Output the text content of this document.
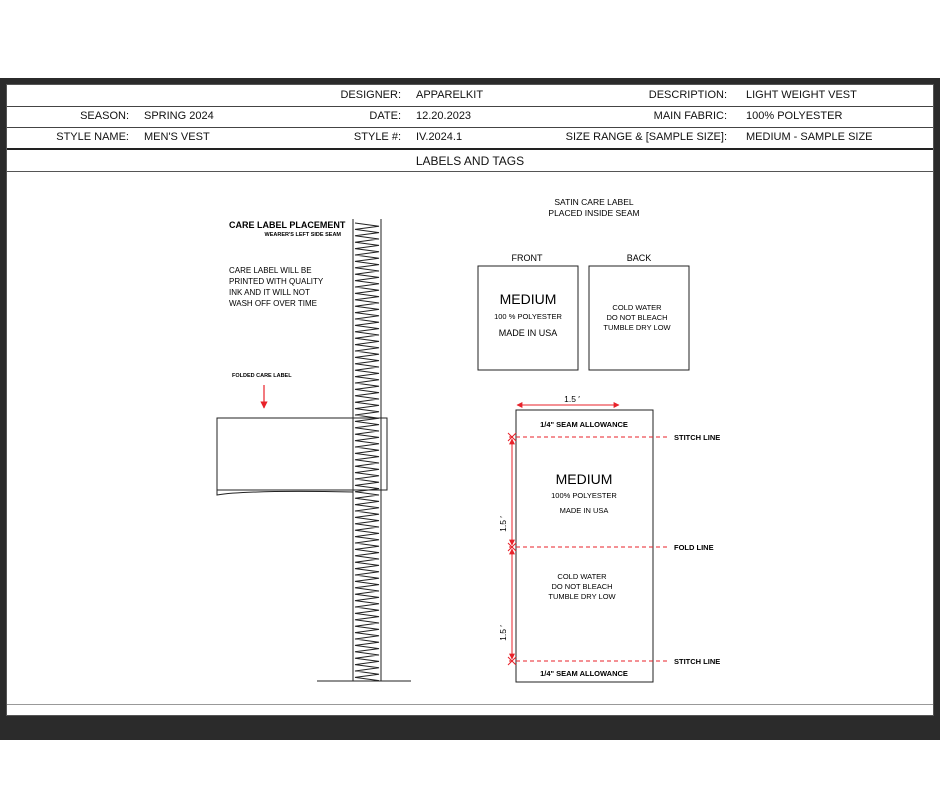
DESIGNER: APPARELKIT	DESCRIPTION: LIGHT WEIGHT VEST
SEASON: SPRING 2024	DATE: 12.20.2023	MAIN FABRIC: 100% POLYESTER
STYLE NAME: MEN'S VEST	STYLE #: IV.2024.1	SIZE RANGE & [SAMPLE SIZE]: MEDIUM - SAMPLE SIZE
LABELS AND TAGS
CARE LABEL PLACEMENT
WEARER'S LEFT SIDE SEAM
CARE LABEL WILL BE
PRINTED WITH QUALITY
INK AND IT WILL NOT
WASH OFF OVER TIME
FOLDED CARE LABEL
SATIN CARE LABEL
PLACED INSIDE SEAM
FRONT	BACK
MEDIUM
100 % POLYESTER
MADE IN USA
COLD WATER
DO NOT BLEACH
TUMBLE DRY LOW
1.5 ′
1/4" SEAM ALLOWANCE
STITCH LINE
MEDIUM
100% POLYESTER
MADE IN USA
FOLD LINE
COLD WATER
DO NOT BLEACH
TUMBLE DRY LOW
STITCH LINE
1/4" SEAM ALLOWANCE
1.5 ′
1.5 ′
